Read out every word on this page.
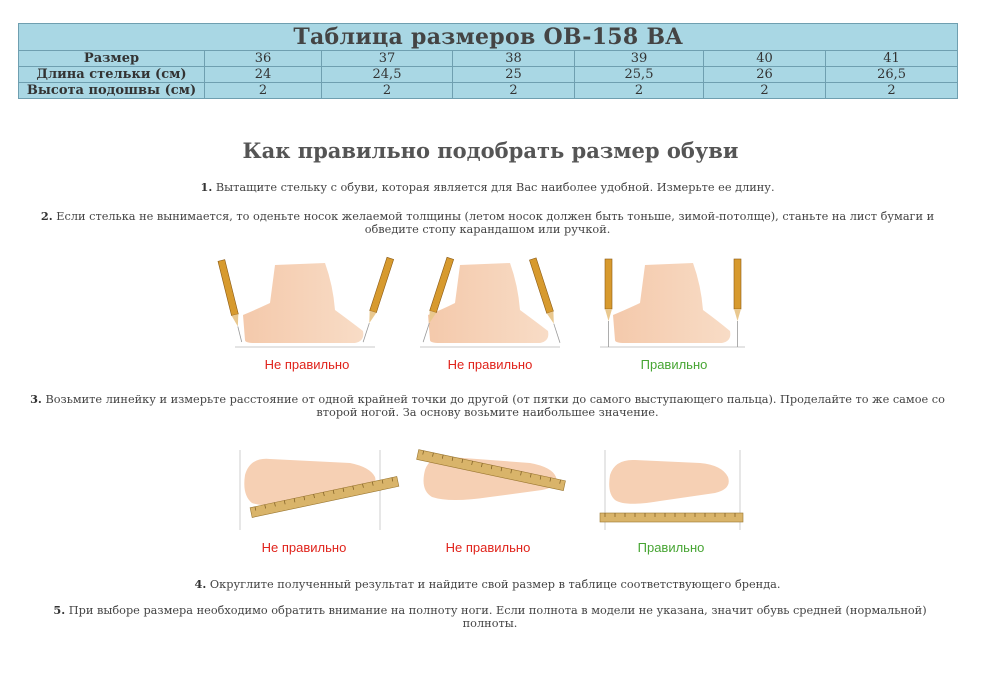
Таблица размеров OB-158 BA						
Размер	36	37	38	39	40	41
Длина стельки (см)	24	24,5	25	25,5	26	26,5
Высота подошвы (см)	2	2	2	2	2	2
Как правильно подобрать размер обуви

1. Вытащите стельку с обуви, которая является для Вас наиболее удобной. Измерьте ее длину.

2. Если стелька не вынимается, то оденьте носок желаемой толщины (летом носок должен быть тоньше, зимой-потолще), станьте на лист бумаги и обведите стопу карандашом или ручкой.

Не правильно	Не правильно	Правильно

3. Возьмите линейку и измерьте расстояние от одной крайней точки до другой (от пятки до самого выступающего пальца). Проделайте то же самое со второй ногой. За основу возьмите наибольшее значение.

Не правильно	Не правильно	Правильно

4. Округлите полученный результат и найдите свой размер в таблице соответствующего бренда.

5. При выборе размера необходимо обратить внимание на полноту ноги. Если полнота в модели не указана, значит обувь средней (нормальной) полноты.
